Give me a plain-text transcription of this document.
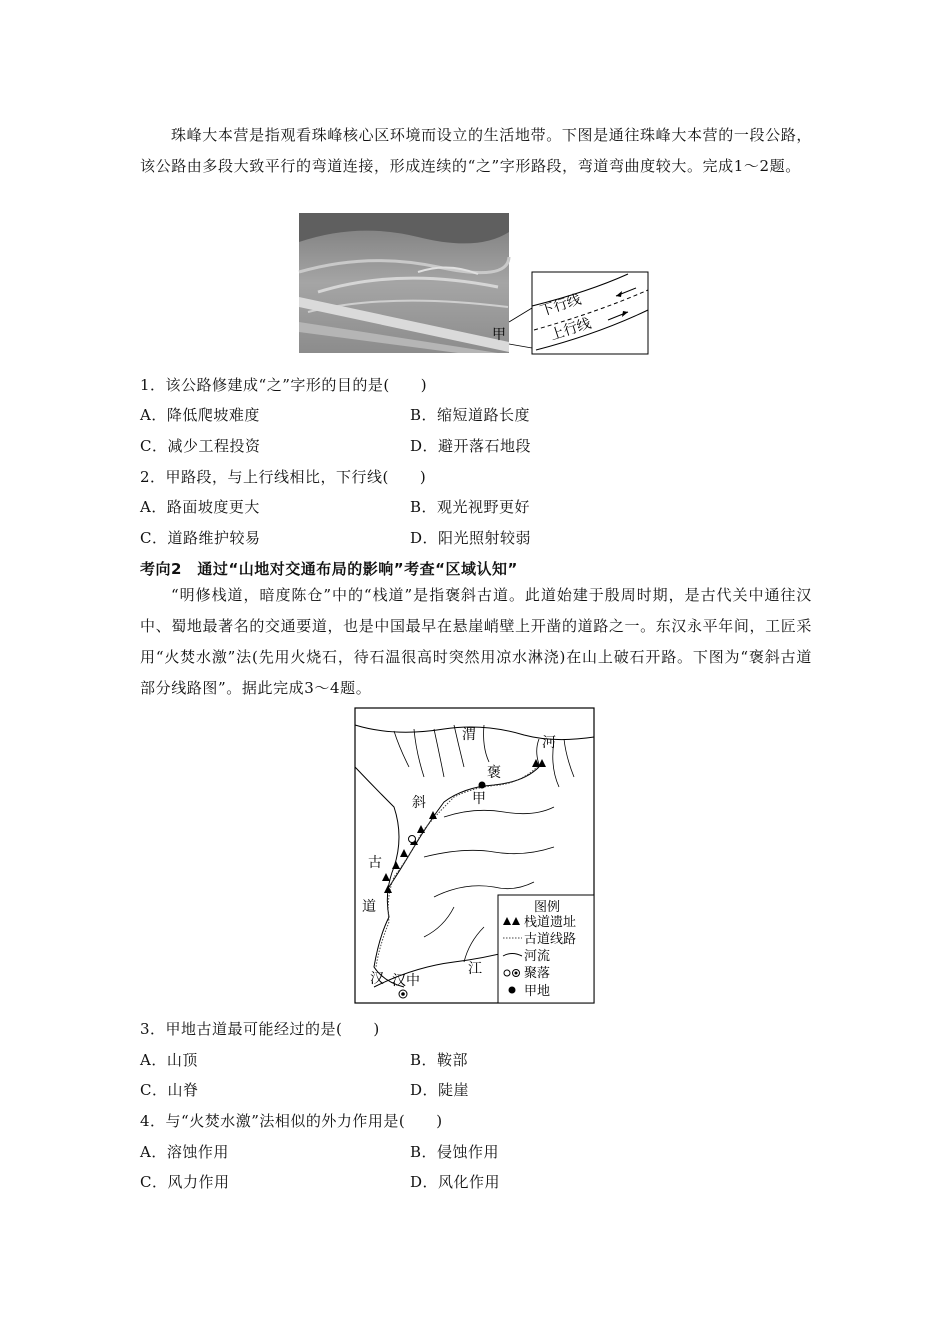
珠峰大本营是指观看珠峰核心区环境而设立的生活地带。下图是通往珠峰大本营的一段公路，该公路由多段大致平行的弯道连接，形成连续的“之”字形路段，弯道弯曲度较大。完成1～2题。
甲
下行线
上行线
1．该公路修建成“之”字形的目的是(　　)
A．降低爬坡难度	B．缩短道路长度
C．减少工程投资	D．避开落石地段
2．甲路段，与上行线相比，下行线(　　)
A．路面坡度更大	B．观光视野更好
C．道路维护较易	D．阳光照射较弱
考向2　通过“山地对交通布局的影响”考查“区域认知”
“明修栈道，暗度陈仓”中的“栈道”是指褒斜古道。此道始建于殷周时期，是古代关中通往汉中、蜀地最著名的交通要道，也是中国最早在悬崖峭壁上开凿的道路之一。东汉永平年间，工匠采用“火焚水激”法(先用火烧石，待石温很高时突然用凉水淋浇)在山上破石开路。下图为“褒斜古道部分线路图”。据此完成3～4题。
渭	河
褒
甲
斜
古
道
汉 汉中
江
图例
栈道遗址
古道线路
河流
聚落
甲地
3．甲地古道最可能经过的是(　　)
A．山顶	B．鞍部
C．山脊	D．陡崖
4．与“火焚水激”法相似的外力作用是(　　)
A．溶蚀作用	B．侵蚀作用
C．风力作用	D．风化作用
